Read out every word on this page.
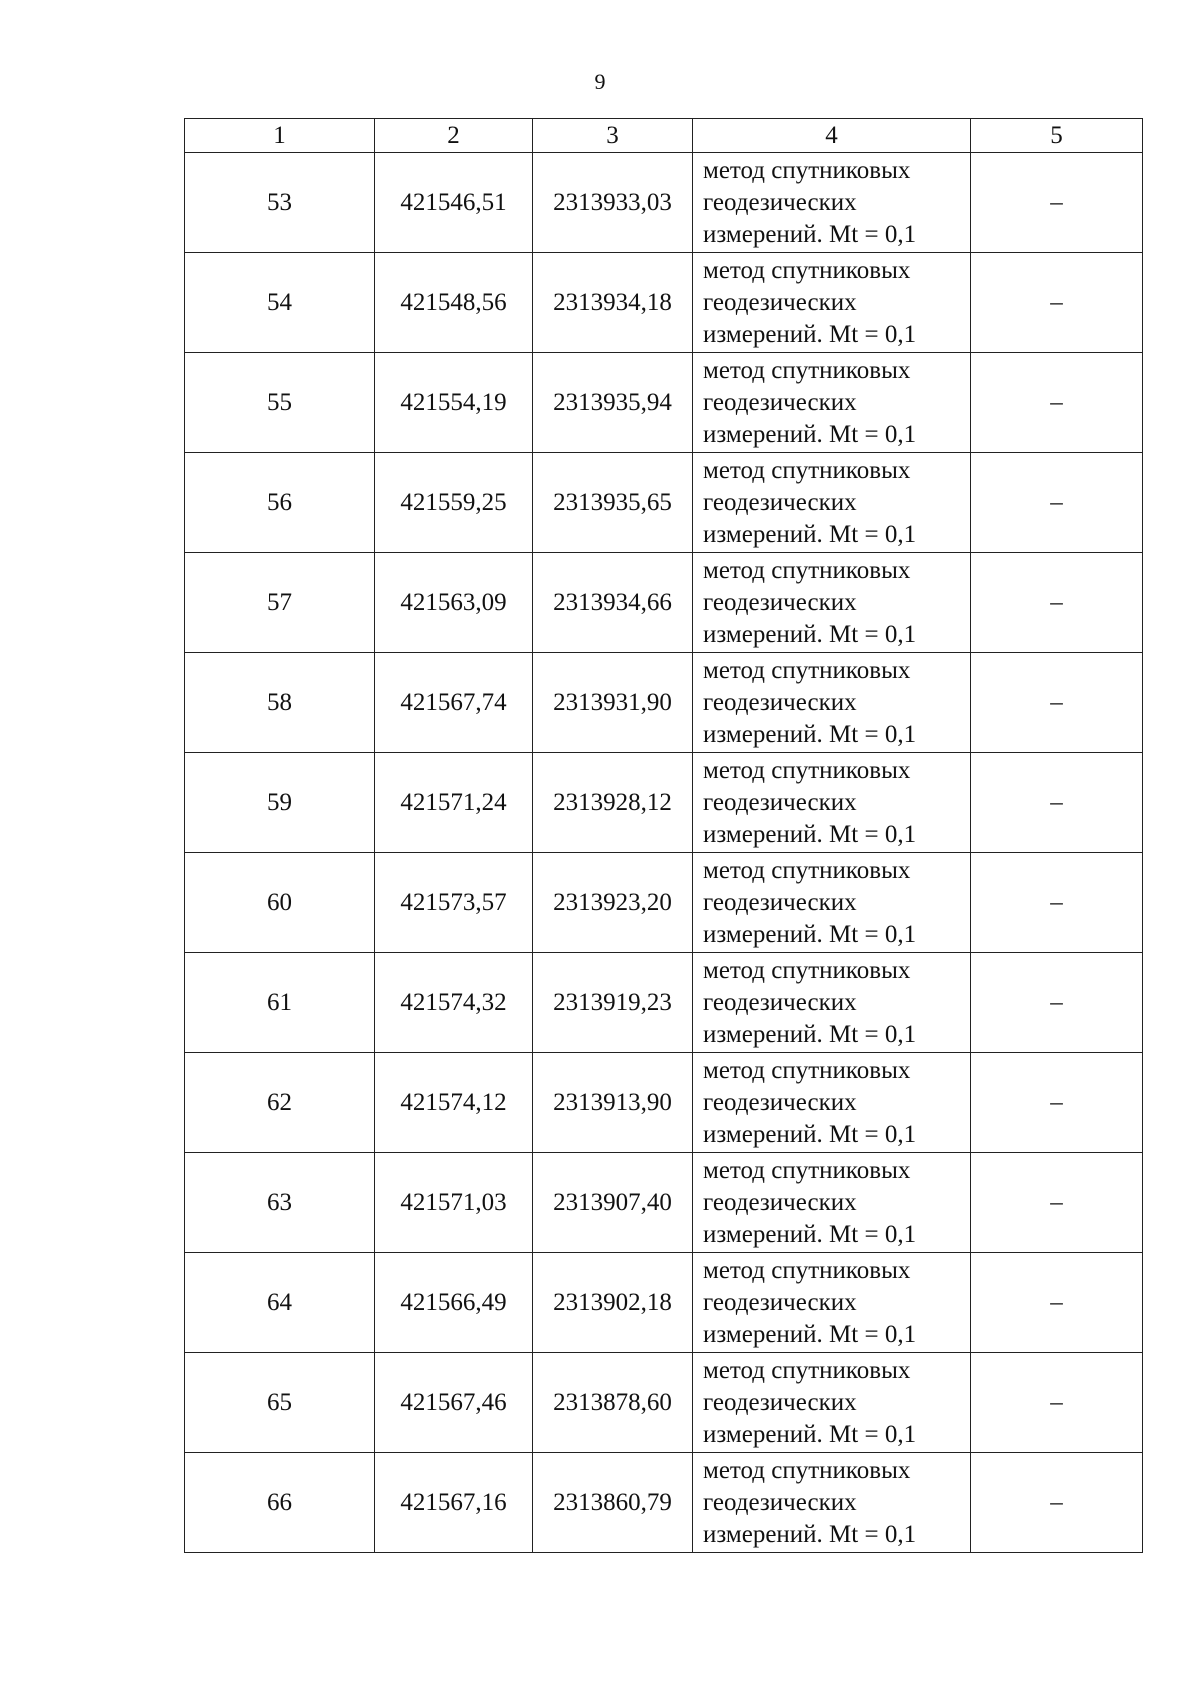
9
1	2	3	4	5
53	421546,51	2313933,03	метод спутниковых
геодезических
измерений. Mt = 0,1	–
54	421548,56	2313934,18	метод спутниковых
геодезических
измерений. Mt = 0,1	–
55	421554,19	2313935,94	метод спутниковых
геодезических
измерений. Mt = 0,1	–
56	421559,25	2313935,65	метод спутниковых
геодезических
измерений. Mt = 0,1	–
57	421563,09	2313934,66	метод спутниковых
геодезических
измерений. Mt = 0,1	–
58	421567,74	2313931,90	метод спутниковых
геодезических
измерений. Mt = 0,1	–
59	421571,24	2313928,12	метод спутниковых
геодезических
измерений. Mt = 0,1	–
60	421573,57	2313923,20	метод спутниковых
геодезических
измерений. Mt = 0,1	–
61	421574,32	2313919,23	метод спутниковых
геодезических
измерений. Mt = 0,1	–
62	421574,12	2313913,90	метод спутниковых
геодезических
измерений. Mt = 0,1	–
63	421571,03	2313907,40	метод спутниковых
геодезических
измерений. Mt = 0,1	–
64	421566,49	2313902,18	метод спутниковых
геодезических
измерений. Mt = 0,1	–
65	421567,46	2313878,60	метод спутниковых
геодезических
измерений. Mt = 0,1	–
66	421567,16	2313860,79	метод спутниковых
геодезических
измерений. Mt = 0,1	–
